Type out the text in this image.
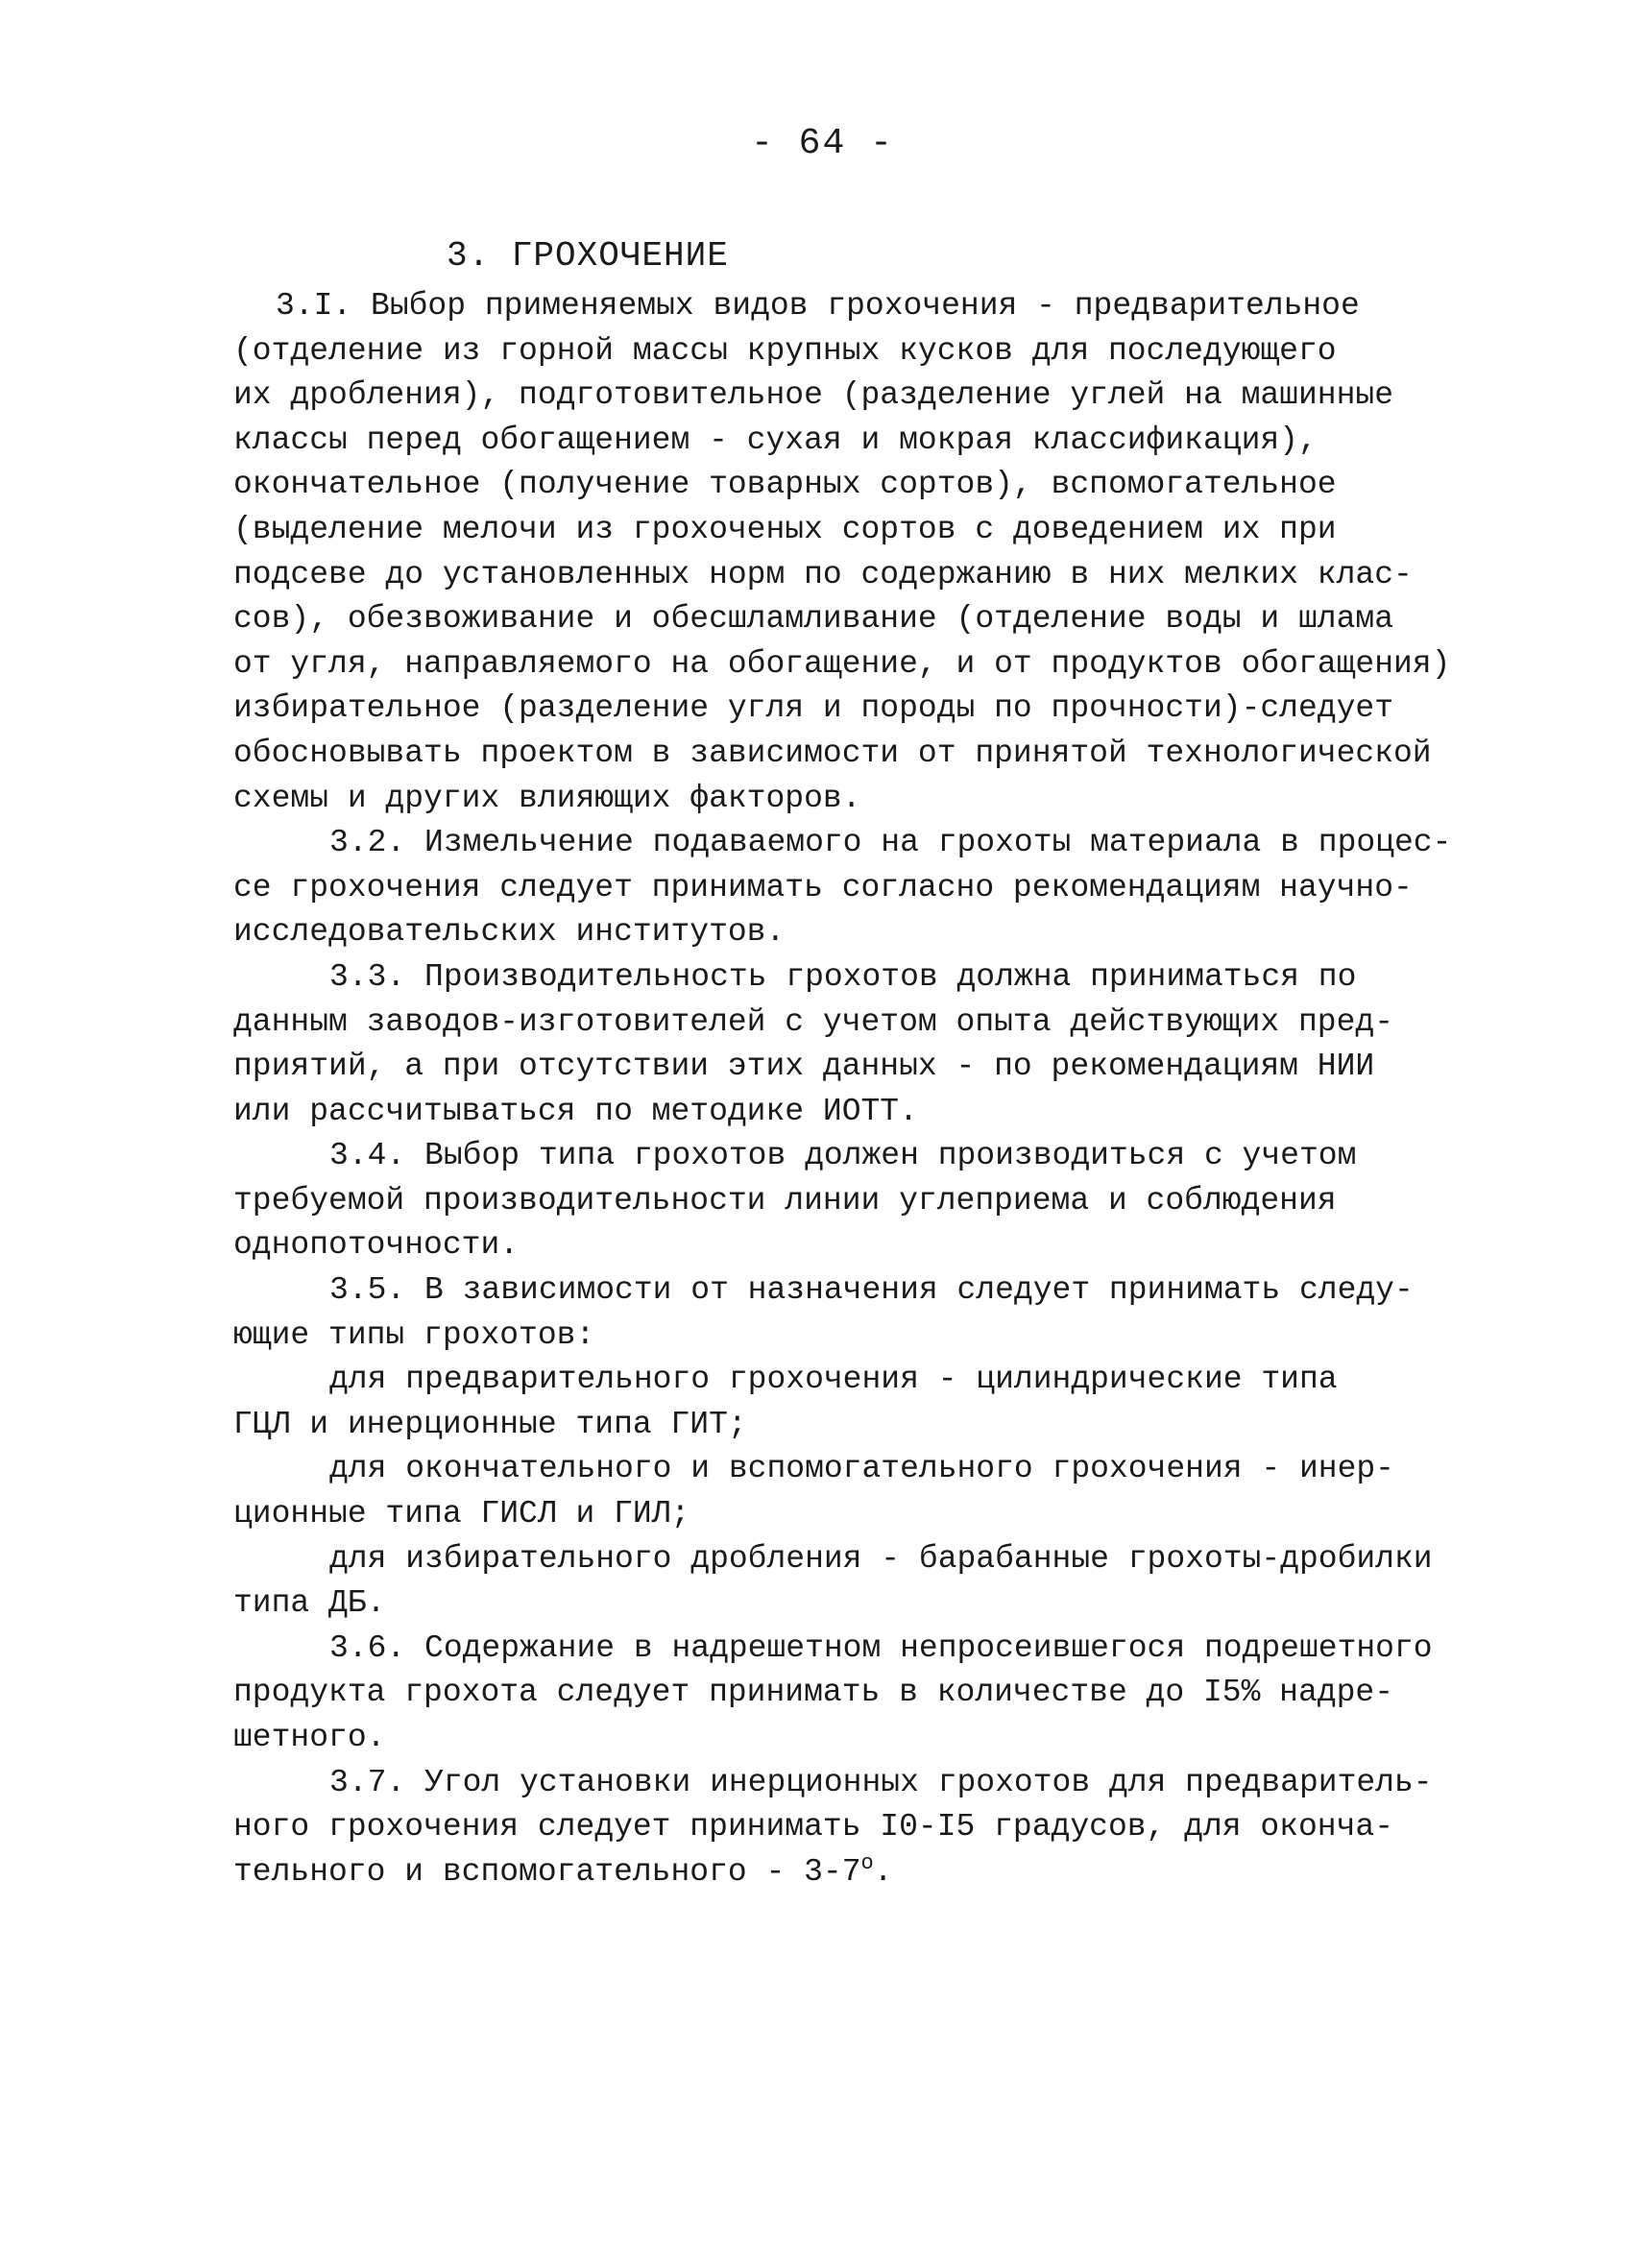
- 64 -
3. ГРОХОЧЕНИЕ
3.I. Выбор применяемых видов грохочения - предварительное
(отделение из горной массы крупных кусков для последующего
их дробления), подготовительное (разделение углей на машинные
классы перед обогащением - сухая и мокрая классификация),
окончательное (получение товарных сортов), вспомогательное
(выделение мелочи из грохоченых сортов с доведением их при
подсеве до установленных норм по содержанию в них мелких клас-
сов), обезвоживание и обесшламливание (отделение воды и шлама
от угля, направляемого на обогащение, и от продуктов обогащения)
избирательное (разделение угля и породы по прочности)-следует
обосновывать проектом в зависимости от принятой технологической
схемы и других влияющих факторов.
3.2. Измельчение подаваемого на грохоты материала в процес-
се грохочения следует принимать согласно рекомендациям научно-
исследовательских институтов.
3.3. Производительность грохотов должна приниматься по
данным заводов-изготовителей с учетом опыта действующих пред-
приятий, а при отсутствии этих данных - по рекомендациям НИИ
или рассчитываться по методике ИОТТ.
3.4. Выбор типа грохотов должен производиться с учетом
требуемой производительности линии углеприема и соблюдения
однопоточности.
3.5. В зависимости от назначения следует принимать следу-
ющие типы грохотов:
для предварительного грохочения - цилиндрические типа
ГЦЛ и инерционные типа ГИТ;
для окончательного и вспомогательного грохочения - инер-
ционные типа ГИСЛ и ГИЛ;
для избирательного дробления - барабанные грохоты-дробилки
типа ДБ.
3.6. Содержание в надрешетном непросеившегося подрешетного
продукта грохота следует принимать в количестве до I5% надре-
шетного.
3.7. Угол установки инерционных грохотов для предваритель-
ного грохочения следует принимать I0-I5 градусов, для оконча-
тельного и вспомогательного - 3-7$^o$.
